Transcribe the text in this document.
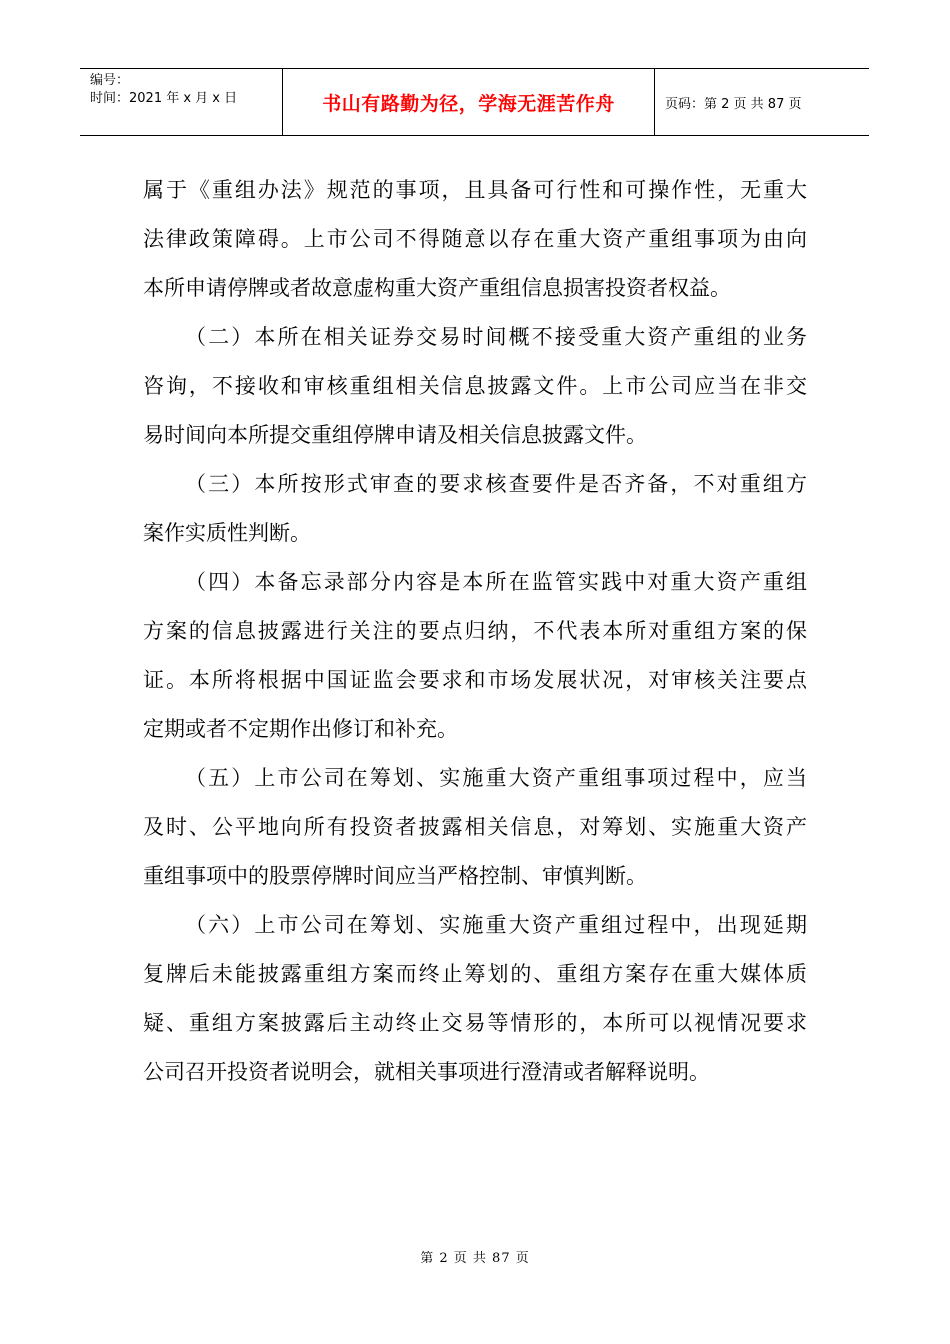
编号：
时间：2021 年 x 月 x 日	书山有路勤为径，学海无涯苦作舟	页码：第 2 页 共 87 页

属于《重组办法》规范的事项，且具备可行性和可操作性，无重大
法律政策障碍。上市公司不得随意以存在重大资产重组事项为由向
本所申请停牌或者故意虚构重大资产重组信息损害投资者权益。

（二）本所在相关证券交易时间概不接受重大资产重组的业务
咨询，不接收和审核重组相关信息披露文件。上市公司应当在非交
易时间向本所提交重组停牌申请及相关信息披露文件。

（三）本所按形式审查的要求核查要件是否齐备，不对重组方
案作实质性判断。

（四）本备忘录部分内容是本所在监管实践中对重大资产重组
方案的信息披露进行关注的要点归纳，不代表本所对重组方案的保
证。本所将根据中国证监会要求和市场发展状况，对审核关注要点
定期或者不定期作出修订和补充。

（五）上市公司在筹划、实施重大资产重组事项过程中，应当
及时、公平地向所有投资者披露相关信息，对筹划、实施重大资产
重组事项中的股票停牌时间应当严格控制、审慎判断。

（六）上市公司在筹划、实施重大资产重组过程中，出现延期
复牌后未能披露重组方案而终止筹划的、重组方案存在重大媒体质
疑、重组方案披露后主动终止交易等情形的，本所可以视情况要求
公司召开投资者说明会，就相关事项进行澄清或者解释说明。

第 2 页 共 87 页
